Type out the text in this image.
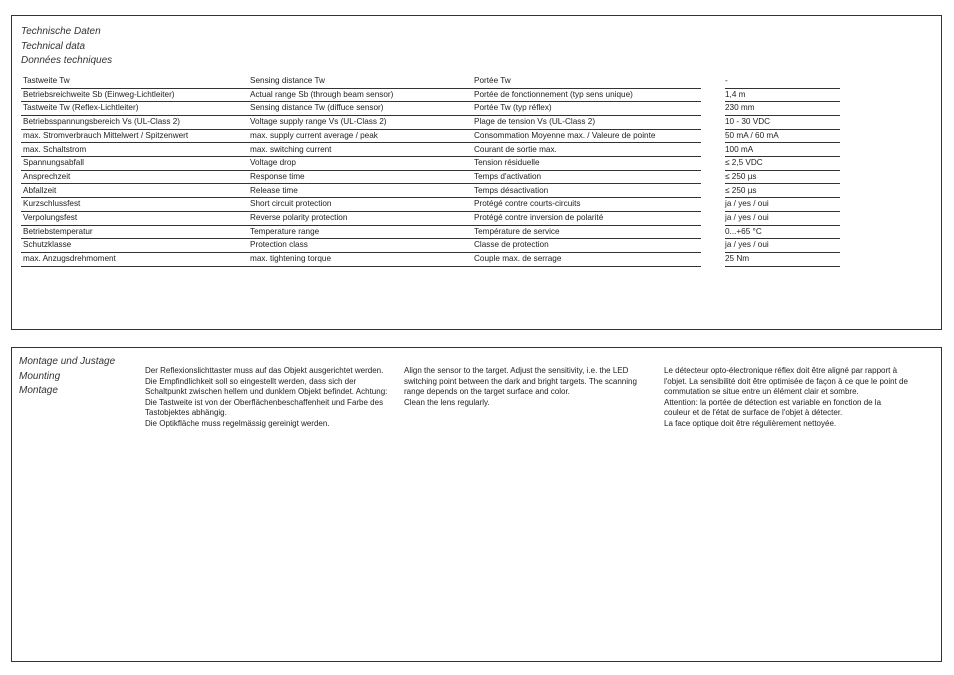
Technische Daten
Technical data
Données techniques
Tastweite Tw	Sensing distance Tw	Portée Tw	-
Betriebsreichweite Sb (Einweg-Lichtleiter)	Actual range Sb (through beam sensor)	Portée de fonctionnement (typ sens unique)	1,4 m
Tastweite Tw (Reflex-Lichtleiter)	Sensing distance Tw (diffuce sensor)	Portée Tw (typ réflex)	230 mm
Betriebsspannungsbereich Vs (UL-Class 2)	Voltage supply range Vs (UL-Class 2)	Plage de tension Vs (UL-Class 2)	10 - 30 VDC
max. Stromverbrauch Mittelwert / Spitzenwert	max. supply current average / peak	Consommation Moyenne max. / Valeure de pointe	50 mA / 60 mA
max. Schaltstrom	max. switching current	Courant de sortie max.	100 mA
Spannungsabfall	Voltage drop	Tension résiduelle	≤ 2,5 VDC
Ansprechzeit	Response time	Temps d'activation	≤ 250 µs
Abfallzeit	Release time	Temps désactivation	≤ 250 µs
Kurzschlussfest	Short circuit protection	Protégé contre courts-circuits	ja / yes / oui
Verpolungsfest	Reverse polarity protection	Protégé contre inversion de polarité	ja / yes / oui
Betriebstemperatur	Temperature range	Température de service	0...+65 °C
Schutzklasse	Protection class	Classe de protection	ja / yes / oui
max. Anzugsdrehmoment	max. tightening torque	Couple max. de serrage	25 Nm
Montage und Justage
Mounting
Montage
Der Reflexionslichttaster muss auf das Objekt ausgerichtet werden. Die Empfindlichkeit soll so eingestellt werden, dass sich der Schaltpunkt zwischen hellem und dunklem Objekt befindet. Achtung: Die Tastweite ist von der Oberflächenbeschaffenheit und Farbe des Tastobjektes abhängig.
Die Optikfläche muss regelmässig gereinigt werden.
Align the sensor to the target. Adjust the sensitivity, i.e. the LED switching point between the dark and bright targets. The scanning range depends on the target surface and color.
Clean the lens regularly.
Le détecteur opto-électronique réflex doit être aligné par rapport à l'objet. La sensibilité doit être optimisée de façon à ce que le point de commutation se situe entre un élément clair et sombre.
Attention: la portée de détection est variable en fonction de la couleur et de l'état de surface de l'objet à détecter.
La face optique doit être régulièrement nettoyée.
